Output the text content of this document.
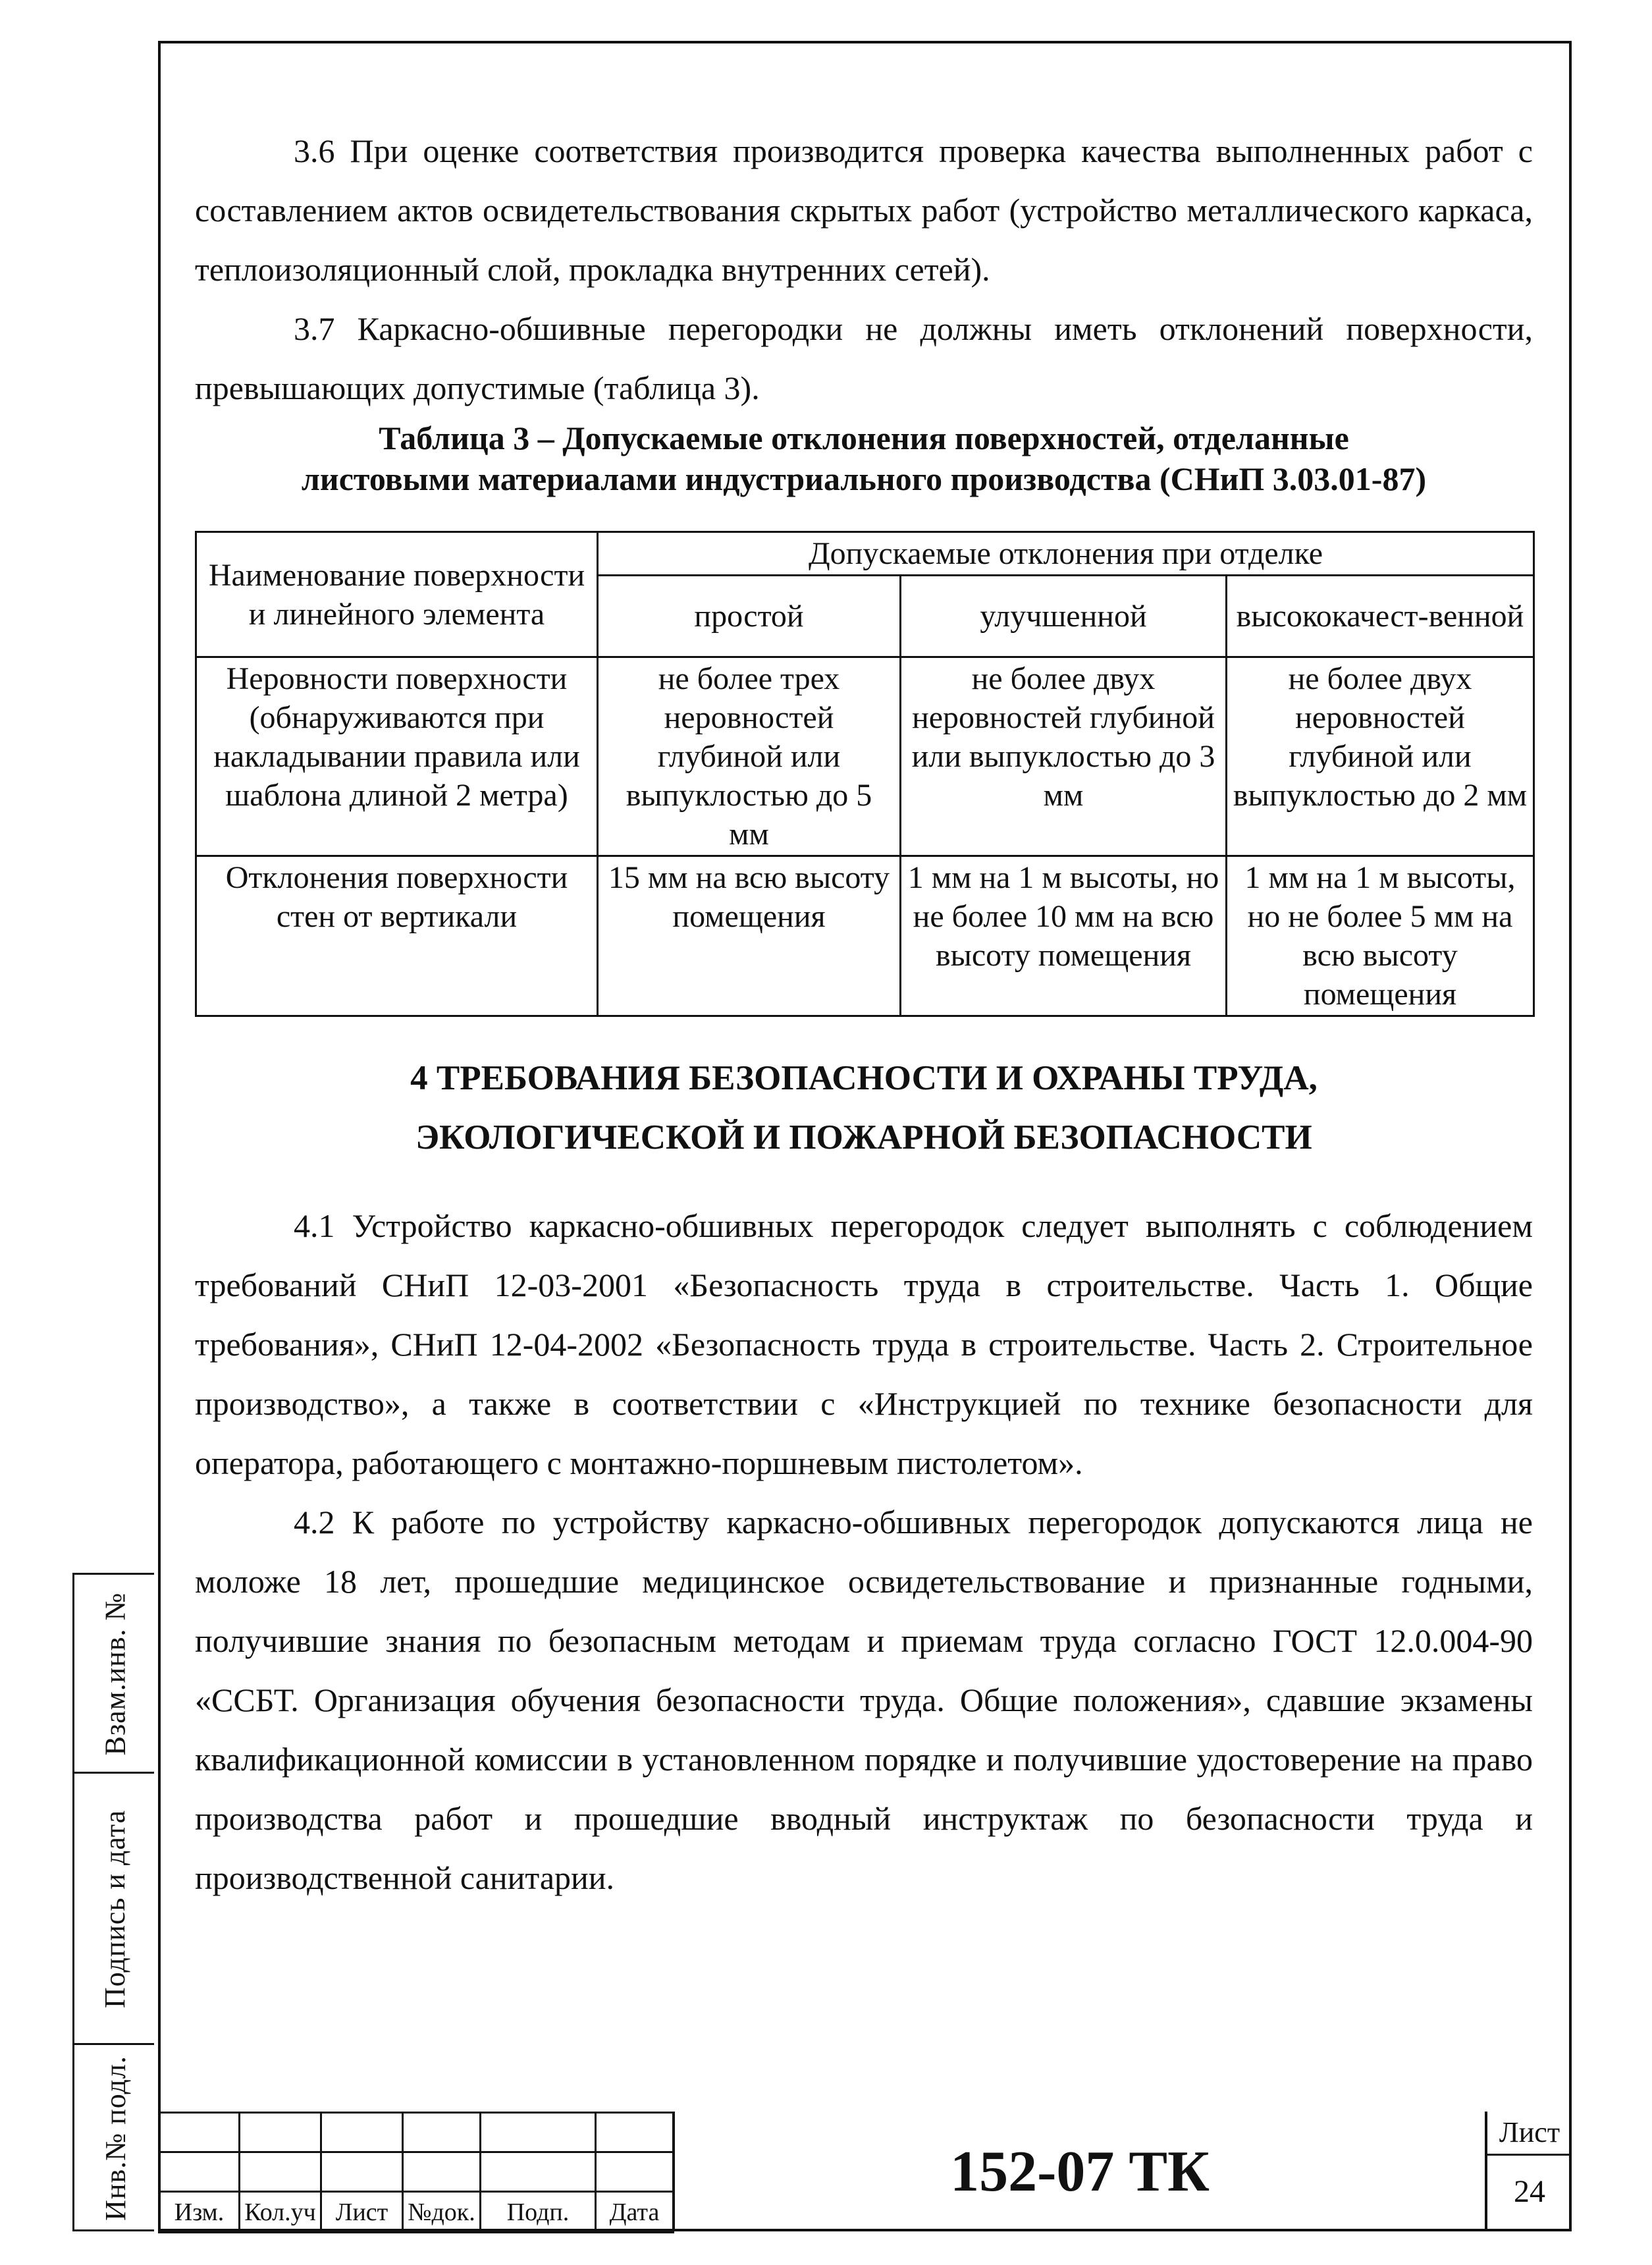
3.6 При оценке соответствия производится проверка качества выполненных работ с составлением актов освидетельствования скрытых работ (устройство металлического каркаса, теплоизоляционный слой, прокладка внутренних сетей).

3.7 Каркасно-обшивные перегородки не должны иметь отклонений поверхности, превышающих допустимые (таблица 3).

Таблица 3 – Допускаемые отклонения поверхностей, отделанные
листовыми материалами индустриального производства (СНиП 3.03.01-87)
Наименование поверхности и линейного элемента	Допускаемые отклонения при отделке		
	простой	улучшенной	высококачест-венной
Неровности поверхности (обнаруживаются при накладывании правила или шаблона длиной 2 метра)	не более трех неровностей глубиной или выпуклостью до 5 мм	не более двух неровностей глубиной или выпуклостью до 3 мм	не более двух неровностей глубиной или выпуклостью до 2 мм
Отклонения поверхности стен от вертикали	15 мм на всю высоту помещения	1 мм на 1 м высоты, но не более 10 мм на всю высоту помещения	1 мм на 1 м высоты, но не более 5 мм на всю высоту помещения
4 ТРЕБОВАНИЯ БЕЗОПАСНОСТИ И ОХРАНЫ ТРУДА,
ЭКОЛОГИЧЕСКОЙ И ПОЖАРНОЙ БЕЗОПАСНОСТИ

4.1 Устройство каркасно-обшивных перегородок следует выполнять с соблюдением требований СНиП 12-03-2001 «Безопасность труда в строительстве. Часть 1. Общие требования», СНиП 12-04-2002 «Безопасность труда в строительстве. Часть 2. Строительное производство», а также в соответствии с «Инструкцией по технике безопасности для оператора, работающего с монтажно-поршневым пистолетом».

4.2 К работе по устройству каркасно-обшивных перегородок допускаются лица не моложе 18 лет, прошедшие медицинское освидетельствование и признанные годными, получившие знания по безопасным методам и приемам труда согласно ГОСТ 12.0.004-90 «ССБТ. Организация обучения безопасности труда. Общие положения», сдавшие экзамены квалификационной комиссии в установленном порядке и получившие удостоверение на право производства работ и прошедшие вводный инструктаж по безопасности труда и производственной санитарии.

Взам.инв. №
Подпись и дата
Инв.№ подл.

					Изм.	Кол.уч	Лист	№док.	Подп.	Дата
152-07 ТК
Лист
24
